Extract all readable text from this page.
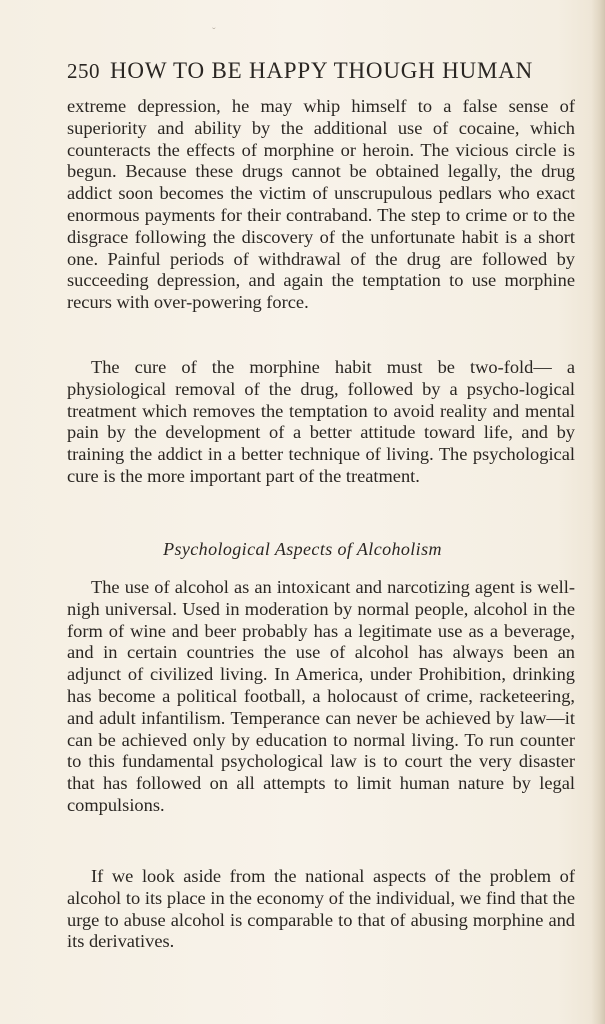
ˇ
250 HOW TO BE HAPPY THOUGH HUMAN

extreme depression, he may whip himself to a false sense of superiority and ability by the additional use of cocaine, which counteracts the effects of morphine or heroin. The vicious circle is begun. Because these drugs cannot be obtained legally, the drug addict soon becomes the victim of unscrupulous pedlars who exact enormous payments for their contraband. The step to crime or to the disgrace following the discovery of the unfortunate habit is a short one. Painful periods of withdrawal of the drug are followed by succeeding depression, and again the temptation to use morphine recurs with over-powering force.

The cure of the morphine habit must be two-fold— a physiological removal of the drug, followed by a psycho-logical treatment which removes the temptation to avoid reality and mental pain by the development of a better attitude toward life, and by training the addict in a better technique of living. The psychological cure is the more important part of the treatment.

Psychological Aspects of Alcoholism

The use of alcohol as an intoxicant and narcotizing agent is well-nigh universal. Used in moderation by normal people, alcohol in the form of wine and beer probably has a legitimate use as a beverage, and in certain countries the use of alcohol has always been an adjunct of civilized living. In America, under Prohibition, drinking has become a political football, a holocaust of crime, racketeering, and adult infantilism. Temperance can never be achieved by law—it can be achieved only by education to normal living. To run counter to this fundamental psychological law is to court the very disaster that has followed on all attempts to limit human nature by legal compulsions.

If we look aside from the national aspects of the problem of alcohol to its place in the economy of the individual, we find that the urge to abuse alcohol is comparable to that of abusing morphine and its derivatives.
